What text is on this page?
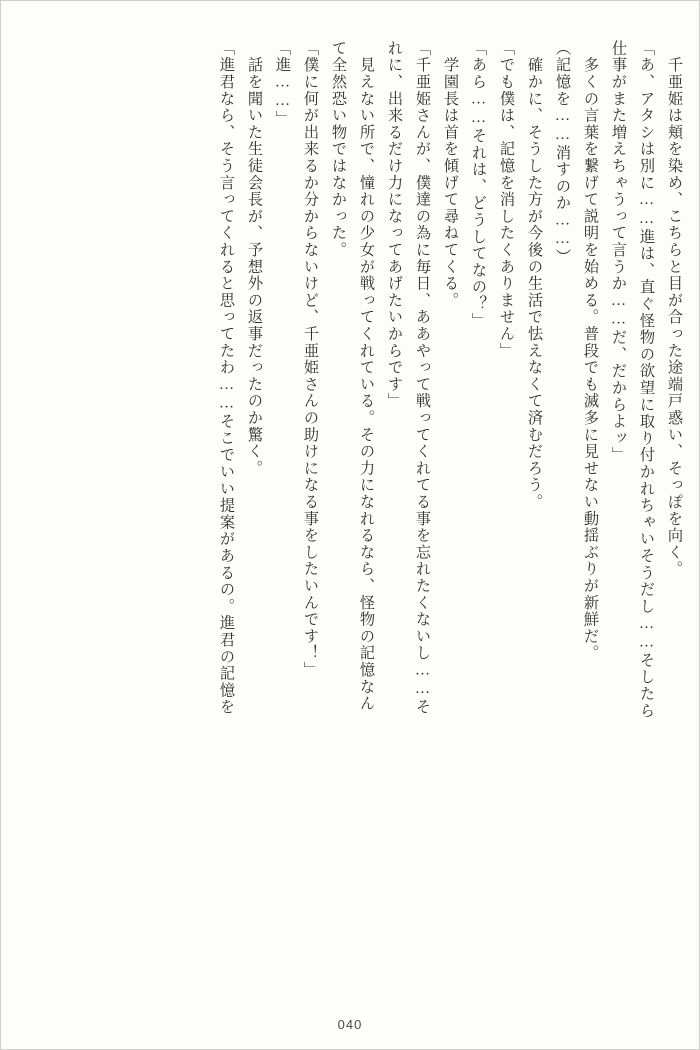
　千亜姫は頬を染め、こちらと目が合った途端戸惑い、そっぽを向く。
「あ、アタシは別に……進は、直ぐ怪物の欲望に取り付かれちゃいそうだし……そしたら
仕事がまた増えちゃうって言うか……だ、だからよッ」
　多くの言葉を繋げて説明を始める。普段でも滅多に見せない動揺ぶりが新鮮だ。
（記憶を……消すのか……）
　確かに、そうした方が今後の生活で怯えなくて済むだろう。
「でも僕は、記憶を消したくありません」
「あら……それは、どうしてなの？」
　学園長は首を傾げて尋ねてくる。
「千亜姫さんが、僕達の為に毎日、ああやって戦ってくれてる事を忘れたくないし……そ
れに、出来るだけ力になってあげたいからです」
　見えない所で、憧れの少女が戦ってくれている。その力になれるなら、怪物の記憶なん
て全然恐い物ではなかった。
「僕に何が出来るか分からないけど、千亜姫さんの助けになる事をしたいんです！」
「進……」
　話を聞いた生徒会長が、予想外の返事だったのか驚く。
「進君なら、そう言ってくれると思ってたわ……そこでいい提案があるの。進君の記憶を
040
